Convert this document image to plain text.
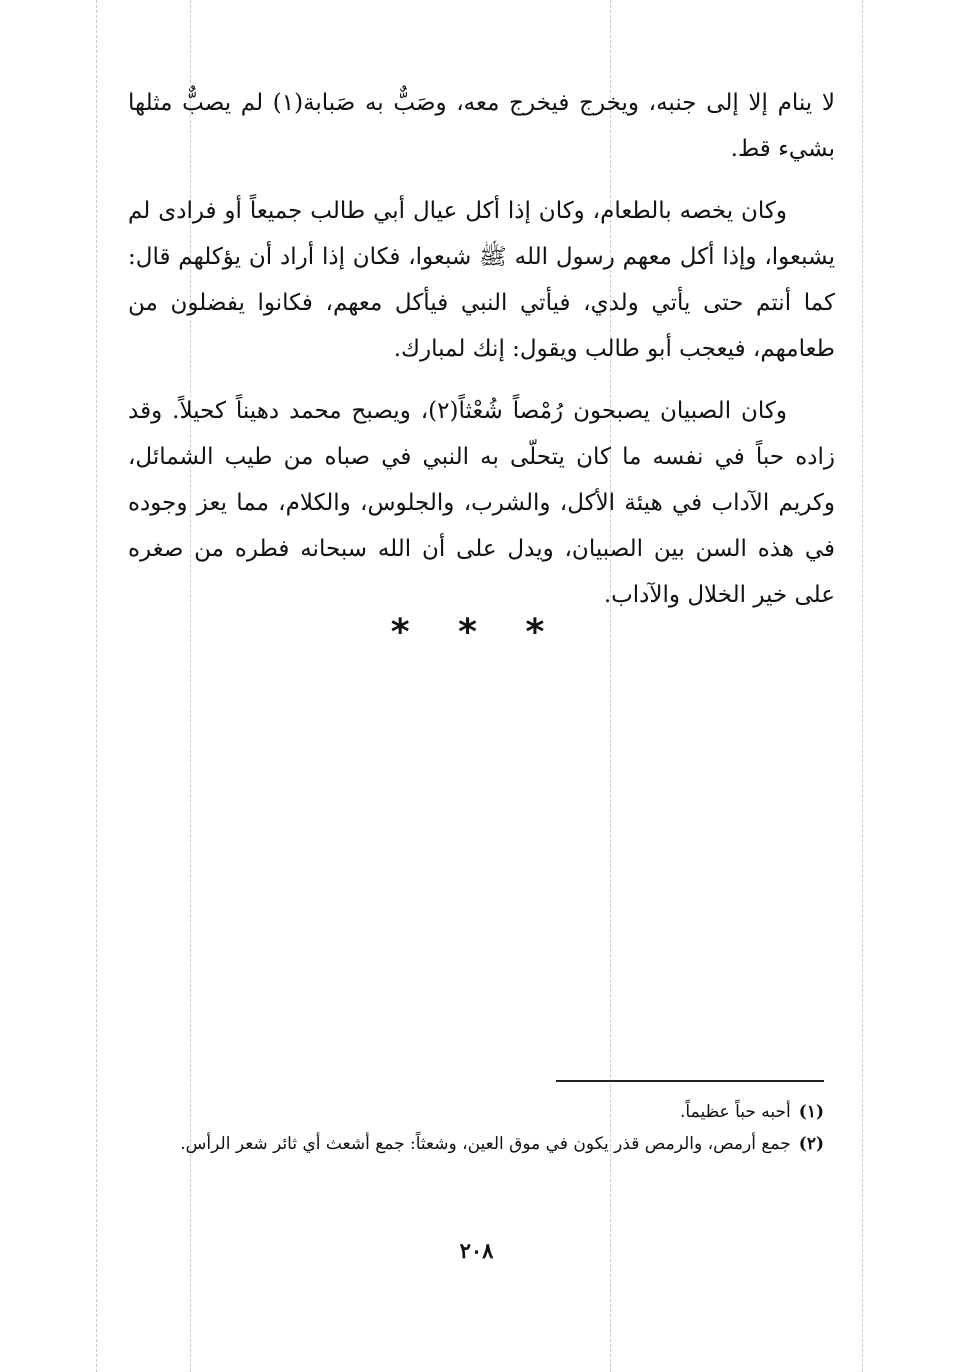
لا ينام إلا إلى جنبه، ويخرج فيخرج معه، وصَبٌّ به صَبابة(١) لم يصبٌّ مثلها بشيء قط.

وكان يخصه بالطعام، وكان إذا أكل عيال أبي طالب جميعاً أو فرادى لم يشبعوا، وإذا أكل معهم رسول الله ﷺ شبعوا، فكان إذا أراد أن يؤكلهم قال: كما أنتم حتى يأتي ولدي، فيأتي النبي فيأكل معهم، فكانوا يفضلون من طعامهم، فيعجب أبو طالب ويقول: إنك لمبارك.

وكان الصبيان يصبحون رُمْصاً شُعْثاً(٢)، ويصبح محمد دهيناً كحيلاً. وقد زاده حباً في نفسه ما كان يتحلّى به النبي في صباه من طيب الشمائل، وكريم الآداب في هيئة الأكل، والشرب، والجلوس، والكلام، مما يعز وجوده في هذه السن بين الصبيان، ويدل على أن الله سبحانه فطره من صغره على خير الخلال والآداب.

* * *

(١)أحبه حباً عظيماً.

(٢)جمع أرمص، والرمص قذر يكون في موق العين، وشعثاً: جمع أشعث أي ثائر شعر الرأس.

٢٠٨
